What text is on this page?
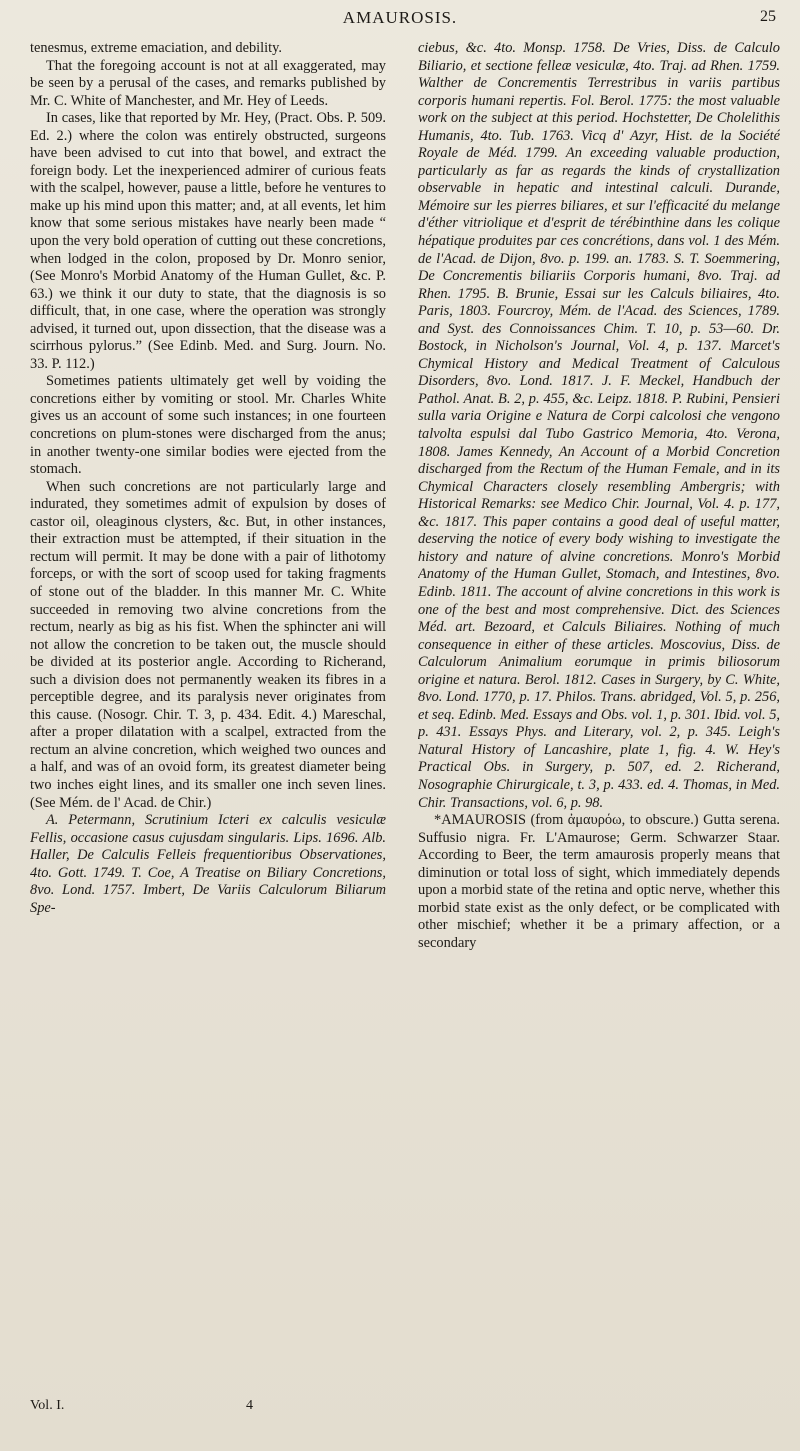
AMAUROSIS.	25

tenesmus, extreme emaciation, and debility.

That the foregoing account is not at all exaggerated, may be seen by a perusal of the cases, and remarks published by Mr. C. White of Manchester, and Mr. Hey of Leeds.

In cases, like that reported by Mr. Hey, (Pract. Obs. P. 509. Ed. 2.) where the colon was entirely obstructed, surgeons have been advised to cut into that bowel, and extract the foreign body. Let the inexperienced admirer of curious feats with the scalpel, however, pause a little, before he ventures to make up his mind upon this matter; and, at all events, let him know that some serious mistakes have nearly been made “ upon the very bold operation of cutting out these concretions, when lodged in the colon, proposed by Dr. Monro senior, (See Monro's Morbid Anatomy of the Human Gullet, &c. P. 63.) we think it our duty to state, that the diagnosis is so difficult, that, in one case, where the operation was strongly advised, it turned out, upon dissection, that the disease was a scirrhous pylorus.” (See Edinb. Med. and Surg. Journ. No. 33. P. 112.)

Sometimes patients ultimately get well by voiding the concretions either by vomiting or stool. Mr. Charles White gives us an account of some such instances; in one fourteen concretions on plum-stones were discharged from the anus; in another twenty-one similar bodies were ejected from the stomach.

When such concretions are not particularly large and indurated, they sometimes admit of expulsion by doses of castor oil, oleaginous clysters, &c. But, in other instances, their extraction must be attempted, if their situation in the rectum will permit. It may be done with a pair of lithotomy forceps, or with the sort of scoop used for taking fragments of stone out of the bladder. In this manner Mr. C. White succeeded in removing two alvine concretions from the rectum, nearly as big as his fist. When the sphincter ani will not allow the concretion to be taken out, the muscle should be divided at its posterior angle. According to Richerand, such a division does not permanently weaken its fibres in a perceptible degree, and its paralysis never originates from this cause. (Nosogr. Chir. T. 3, p. 434. Edit. 4.) Mareschal, after a proper dilatation with a scalpel, extracted from the rectum an alvine concretion, which weighed two ounces and a half, and was of an ovoid form, its greatest diameter being two inches eight lines, and its smaller one inch seven lines. (See Mém. de l' Acad. de Chir.)

A. Petermann, Scrutinium Icteri ex calculis vesiculæ Fellis, occasione casus cujusdam singularis. Lips. 1696. Alb. Haller, De Calculis Felleis frequentioribus Observationes, 4to. Gott. 1749. T. Coe, A Treatise on Biliary Concretions, 8vo. Lond. 1757. Imbert, De Variis Calculorum Biliarum Spe-

ciebus, &c. 4to. Monsp. 1758. De Vries, Diss. de Calculo Biliario, et sectione felleæ vesiculæ, 4to. Traj. ad Rhen. 1759. Walther de Concrementis Terrestribus in variis partibus corporis humani repertis. Fol. Berol. 1775: the most valuable work on the subject at this period. Hochstetter, De Cholelithis Humanis, 4to. Tub. 1763. Vicq d' Azyr, Hist. de la Société Royale de Méd. 1799. An exceeding valuable production, particularly as far as regards the kinds of crystallization observable in hepatic and intestinal calculi. Durande, Mémoire sur les pierres biliares, et sur l'efficacité du melange d'éther vitriolique et d'esprit de térébinthine dans les colique hépatique produites par ces concrétions, dans vol. 1 des Mém. de l'Acad. de Dijon, 8vo. p. 199. an. 1783. S. T. Soemmering, De Concrementis biliariis Corporis humani, 8vo. Traj. ad Rhen. 1795. B. Brunie, Essai sur les Calculs biliaires, 4to. Paris, 1803. Fourcroy, Mém. de l'Acad. des Sciences, 1789. and Syst. des Connoissances Chim. T. 10, p. 53—60. Dr. Bostock, in Nicholson's Journal, Vol. 4, p. 137. Marcet's Chymical History and Medical Treatment of Calculous Disorders, 8vo. Lond. 1817. J. F. Meckel, Handbuch der Pathol. Anat. B. 2, p. 455, &c. Leipz. 1818. P. Rubini, Pensieri sulla varia Origine e Natura de Corpi calcolosi che vengono talvolta espulsi dal Tubo Gastrico Memoria, 4to. Verona, 1808. James Kennedy, An Account of a Morbid Concretion discharged from the Rectum of the Human Female, and in its Chymical Characters closely resembling Ambergris; with Historical Remarks: see Medico Chir. Journal, Vol. 4. p. 177, &c. 1817. This paper contains a good deal of useful matter, deserving the notice of every body wishing to investigate the history and nature of alvine concretions. Monro's Morbid Anatomy of the Human Gullet, Stomach, and Intestines, 8vo. Edinb. 1811. The account of alvine concretions in this work is one of the best and most comprehensive. Dict. des Sciences Méd. art. Bezoard, et Calculs Biliaires. Nothing of much consequence in either of these articles. Moscovius, Diss. de Calculorum Animalium eorumque in primis biliosorum origine et natura. Berol. 1812. Cases in Surgery, by C. White, 8vo. Lond. 1770, p. 17. Philos. Trans. abridged, Vol. 5, p. 256, et seq. Edinb. Med. Essays and Obs. vol. 1, p. 301. Ibid. vol. 5, p. 431. Essays Phys. and Literary, vol. 2, p. 345. Leigh's Natural History of Lancashire, plate 1, fig. 4. W. Hey's Practical Obs. in Surgery, p. 507, ed. 2. Richerand, Nosographie Chirurgicale, t. 3, p. 433. ed. 4. Thomas, in Med. Chir. Transactions, vol. 6, p. 98.

*AMAUROSIS (from ἀμαυρόω, to obscure.) Gutta serena. Suffusio nigra. Fr. L'Amaurose; Germ. Schwarzer Staar. According to Beer, the term amaurosis properly means that diminution or total loss of sight, which immediately depends upon a morbid state of the retina and optic nerve, whether this morbid state exist as the only defect, or be complicated with other mischief; whether it be a primary affection, or a secondary

Vol. I.	4
